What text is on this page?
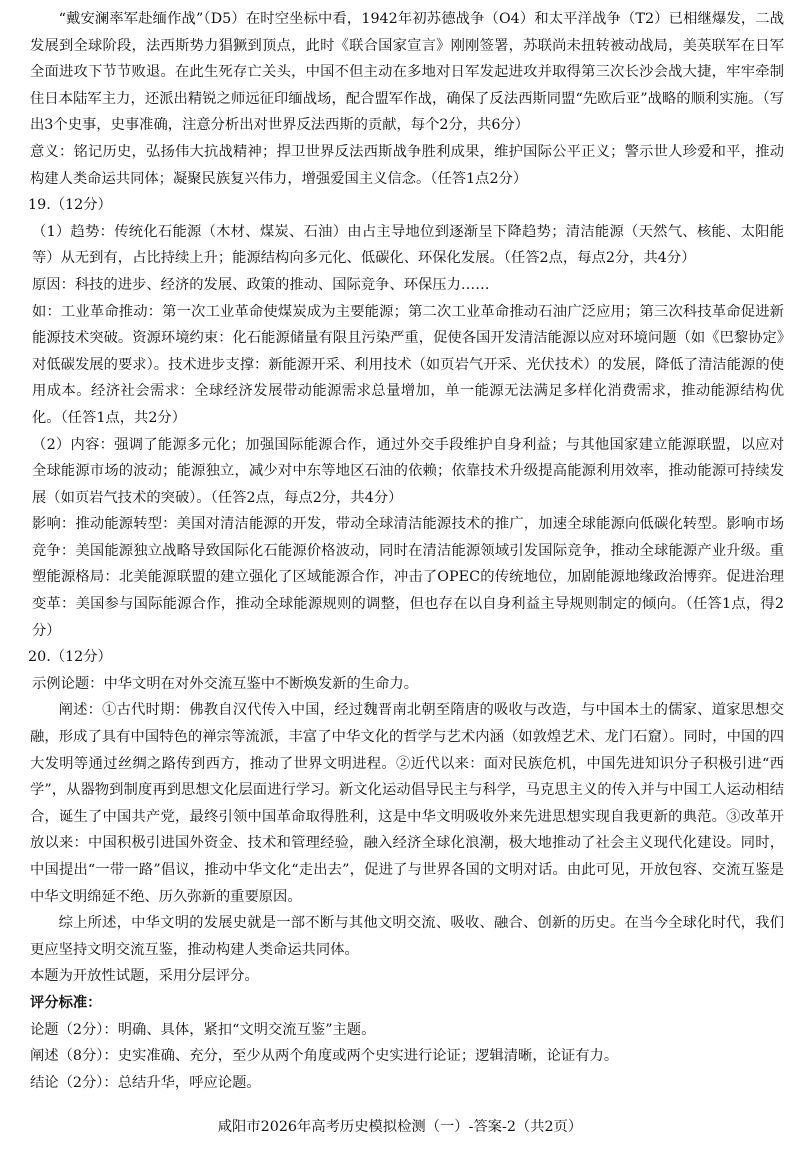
“戴安澜率军赴缅作战”（D5）在时空坐标中看，1942年初苏德战争（O4）和太平洋战争（T2）已相继爆发，二战发展到全球阶段，法西斯势力猖獗到顶点，此时《联合国家宣言》刚刚签署，苏联尚未扭转被动战局，美英联军在日军全面进攻下节节败退。在此生死存亡关头，中国不但主动在多地对日军发起进攻并取得第三次长沙会战大捷，牢牢牵制住日本陆军主力，还派出精锐之师远征印缅战场，配合盟军作战，确保了反法西斯同盟“先欧后亚”战略的顺利实施。（写出3个史事，史事准确，注意分析出对世界反法西斯的贡献，每个2分，共6分）

意义：铭记历史，弘扬伟大抗战精神；捍卫世界反法西斯战争胜利成果，维护国际公平正义；警示世人珍爱和平，推动构建人类命运共同体；凝聚民族复兴伟力，增强爱国主义信念。（任答1点2分）

19.（12分）

（1）趋势：传统化石能源（木材、煤炭、石油）由占主导地位到逐渐呈下降趋势；清洁能源（天然气、核能、太阳能等）从无到有，占比持续上升；能源结构向多元化、低碳化、环保化发展。（任答2点，每点2分，共4分）

原因：科技的进步、经济的发展、政策的推动、国际竞争、环保压力……

如：工业革命推动：第一次工业革命使煤炭成为主要能源；第二次工业革命推动石油广泛应用；第三次科技革命促进新能源技术突破。资源环境约束：化石能源储量有限且污染严重，促使各国开发清洁能源以应对环境问题（如《巴黎协定》对低碳发展的要求）。技术进步支撑：新能源开采、利用技术（如页岩气开采、光伏技术）的发展，降低了清洁能源的使用成本。经济社会需求：全球经济发展带动能源需求总量增加，单一能源无法满足多样化消费需求，推动能源结构优化。（任答1点，共2分）

（2）内容：强调了能源多元化；加强国际能源合作，通过外交手段维护自身利益；与其他国家建立能源联盟，以应对全球能源市场的波动；能源独立，减少对中东等地区石油的依赖；依靠技术升级提高能源利用效率，推动能源可持续发展（如页岩气技术的突破）。（任答2点，每点2分，共4分）

影响：推动能源转型：美国对清洁能源的开发，带动全球清洁能源技术的推广，加速全球能源向低碳化转型。影响市场竞争：美国能源独立战略导致国际化石能源价格波动，同时在清洁能源领域引发国际竞争，推动全球能源产业升级。重塑能源格局：北美能源联盟的建立强化了区域能源合作，冲击了OPEC的传统地位，加剧能源地缘政治博弈。促进治理变革：美国参与国际能源合作，推动全球能源规则的调整，但也存在以自身利益主导规则制定的倾向。（任答1点，得2分）

20.（12分）

示例论题：中华文明在对外交流互鉴中不断焕发新的生命力。

阐述：①古代时期：佛教自汉代传入中国，经过魏晋南北朝至隋唐的吸收与改造，与中国本土的儒家、道家思想交融，形成了具有中国特色的禅宗等流派，丰富了中华文化的哲学与艺术内涵（如敦煌艺术、龙门石窟）。同时，中国的四大发明等通过丝绸之路传到西方，推动了世界文明进程。②近代以来：面对民族危机，中国先进知识分子积极引进“西学”，从器物到制度再到思想文化层面进行学习。新文化运动倡导民主与科学，马克思主义的传入并与中国工人运动相结合，诞生了中国共产党，最终引领中国革命取得胜利，这是中华文明吸收外来先进思想实现自我更新的典范。③改革开放以来：中国积极引进国外资金、技术和管理经验，融入经济全球化浪潮，极大地推动了社会主义现代化建设。同时，中国提出“一带一路”倡议，推动中华文化“走出去”，促进了与世界各国的文明对话。由此可见，开放包容、交流互鉴是中华文明绵延不绝、历久弥新的重要原因。

综上所述，中华文明的发展史就是一部不断与其他文明交流、吸收、融合、创新的历史。在当今全球化时代，我们更应坚持文明交流互鉴，推动构建人类命运共同体。

本题为开放性试题，采用分层评分。

评分标准：

论题（2分）：明确、具体，紧扣“文明交流互鉴”主题。

阐述（8分）：史实准确、充分，至少从两个角度或两个史实进行论证；逻辑清晰，论证有力。

结论（2分）：总结升华，呼应论题。

咸阳市2026年高考历史模拟检测（一）-答案-2（共2页）
